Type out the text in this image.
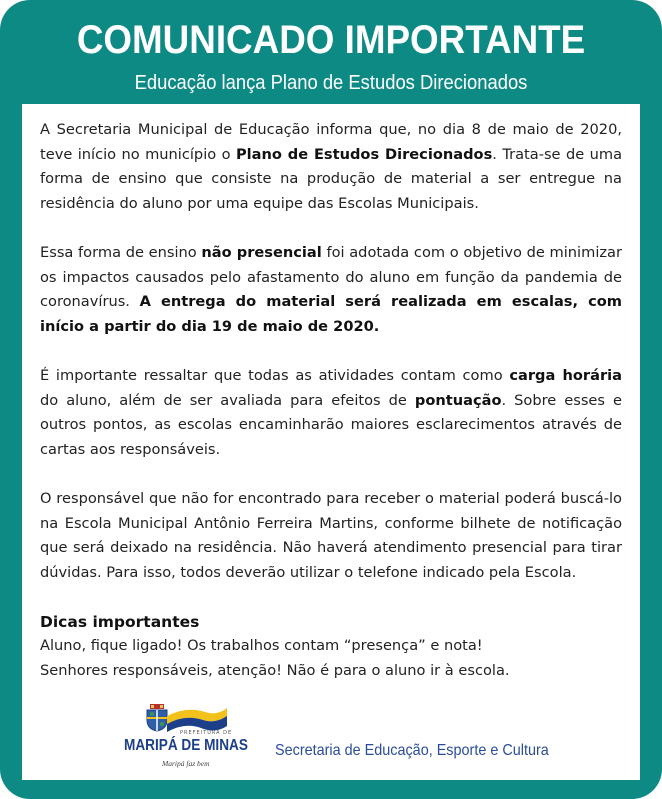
COMUNICADO IMPORTANTE
Educação lança Plano de Estudos Direcionados

A Secretaria Municipal de Educação informa que, no dia 8 de maio de 2020, teve início no município o Plano de Estudos Direcionados. Trata-se de uma forma de ensino que consiste na produção de material a ser entregue na residência do aluno por uma equipe das Escolas Municipais.

Essa forma de ensino não presencial foi adotada com o objetivo de minimizar os impactos causados pelo afastamento do aluno em função da pandemia de coronavírus. A entrega do material será realizada em escalas, com início a partir do dia 19 de maio de 2020.

É importante ressaltar que todas as atividades contam como carga horária do aluno, além de ser avaliada para efeitos de pontuação. Sobre esses e outros pontos, as escolas encaminharão maiores esclarecimentos através de cartas aos responsáveis.

O responsável que não for encontrado para receber o material poderá buscá-lo na Escola Municipal Antônio Ferreira Martins, conforme bilhete de notificação que será deixado na residência. Não haverá atendimento presencial para tirar dúvidas. Para isso, todos deverão utilizar o telefone indicado pela Escola.

Dicas importantes
Aluno, fique ligado! Os trabalhos contam “presença” e nota!
Senhores responsáveis, atenção! Não é para o aluno ir à escola.
PREFEITURA DE
MARIPÁ DE MINAS
Maripá faz bem
Secretaria de Educação, Esporte e Cultura
